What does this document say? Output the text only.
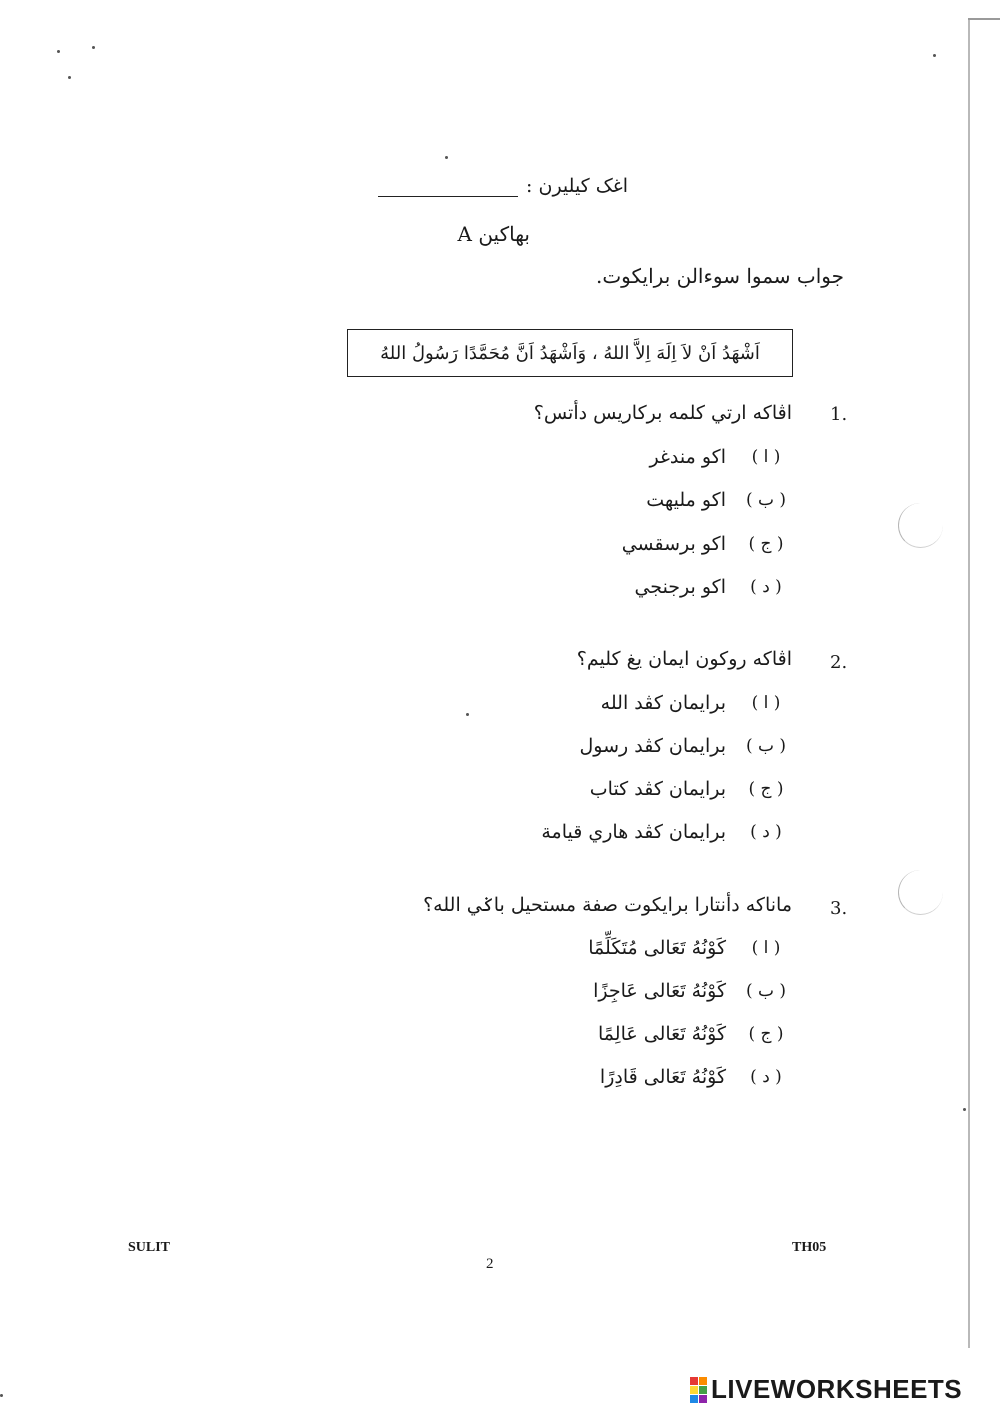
اغک کيليرن :
بهاکين A
جواب سموا سوءالن برايکوت.
اَشْهَدُ اَنْ لاَ اِلَهَ اِلاَّ اللهُ ، وَاَشْهَدُ اَنَّ مُحَمَّدًا رَسُولُ اللهُ
1.
اڤاکه ارتي کلمه برکاريس دأتس؟
( ا )
اکو مندغر
( ب )
اکو مليهت
( ج )
اکو برسقسي
( د )
اکو برجنجي
2.
اڤاکه روکون ايمان يغ کليم؟
( ا )
برايمان کڤد الله
( ب )
برايمان کڤد رسول
( ج )
برايمان کڤد کتاب
( د )
برايمان کڤد هاري قيامة
3.
ماناکه دأنتارا برايکوت صفة مستحيل باݢي الله؟
( ا )
كَوْنُهُ تَعَالى مُتَكَلِّمًا
( ب )
كَوْنُهُ تَعَالى عَاجِزًا
( ج )
كَوْنُهُ تَعَالى عَالِمًا
( د )
كَوْنُهُ تَعَالى قَادِرًا
SULIT
2
TH05
LIVEWORKSHEETS
